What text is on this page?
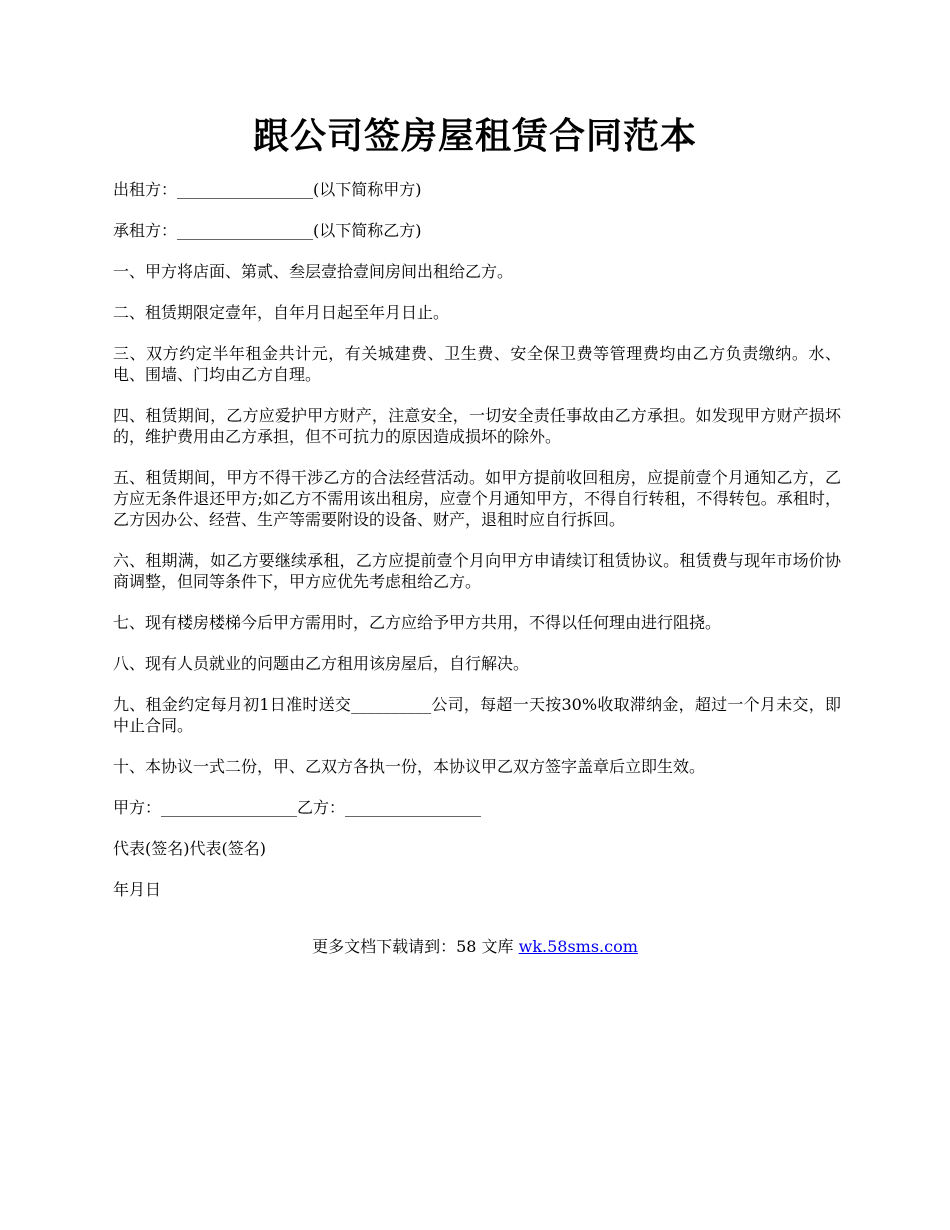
跟公司签房屋租赁合同范本

出租方：_________________(以下简称甲方)

承租方：_________________(以下简称乙方)

一、甲方将店面、第贰、叁层壹拾壹间房间出租给乙方。

二、租赁期限定壹年，自年月日起至年月日止。

三、双方约定半年租金共计元，有关城建费、卫生费、安全保卫费等管理费均由乙方负责缴纳。水、电、围墙、门均由乙方自理。

四、租赁期间，乙方应爱护甲方财产，注意安全，一切安全责任事故由乙方承担。如发现甲方财产损坏的，维护费用由乙方承担，但不可抗力的原因造成损坏的除外。

五、租赁期间，甲方不得干涉乙方的合法经营活动。如甲方提前收回租房，应提前壹个月通知乙方，乙方应无条件退还甲方;如乙方不需用该出租房，应壹个月通知甲方，不得自行转租，不得转包。承租时，乙方因办公、经营、生产等需要附设的设备、财产，退租时应自行拆回。

六、租期满，如乙方要继续承租，乙方应提前壹个月向甲方申请续订租赁协议。租赁费与现年市场价协商调整，但同等条件下，甲方应优先考虑租给乙方。

七、现有楼房楼梯今后甲方需用时，乙方应给予甲方共用，不得以任何理由进行阻挠。

八、现有人员就业的问题由乙方租用该房屋后，自行解决。

九、租金约定每月初1日准时送交__________公司，每超一天按30%收取滞纳金，超过一个月未交，即中止合同。

十、本协议一式二份，甲、乙双方各执一份，本协议甲乙双方签字盖章后立即生效。

甲方：_________________乙方：_________________

代表(签名)代表(签名)

年月日

更多文档下载请到：58 文库 wk.58sms.com
